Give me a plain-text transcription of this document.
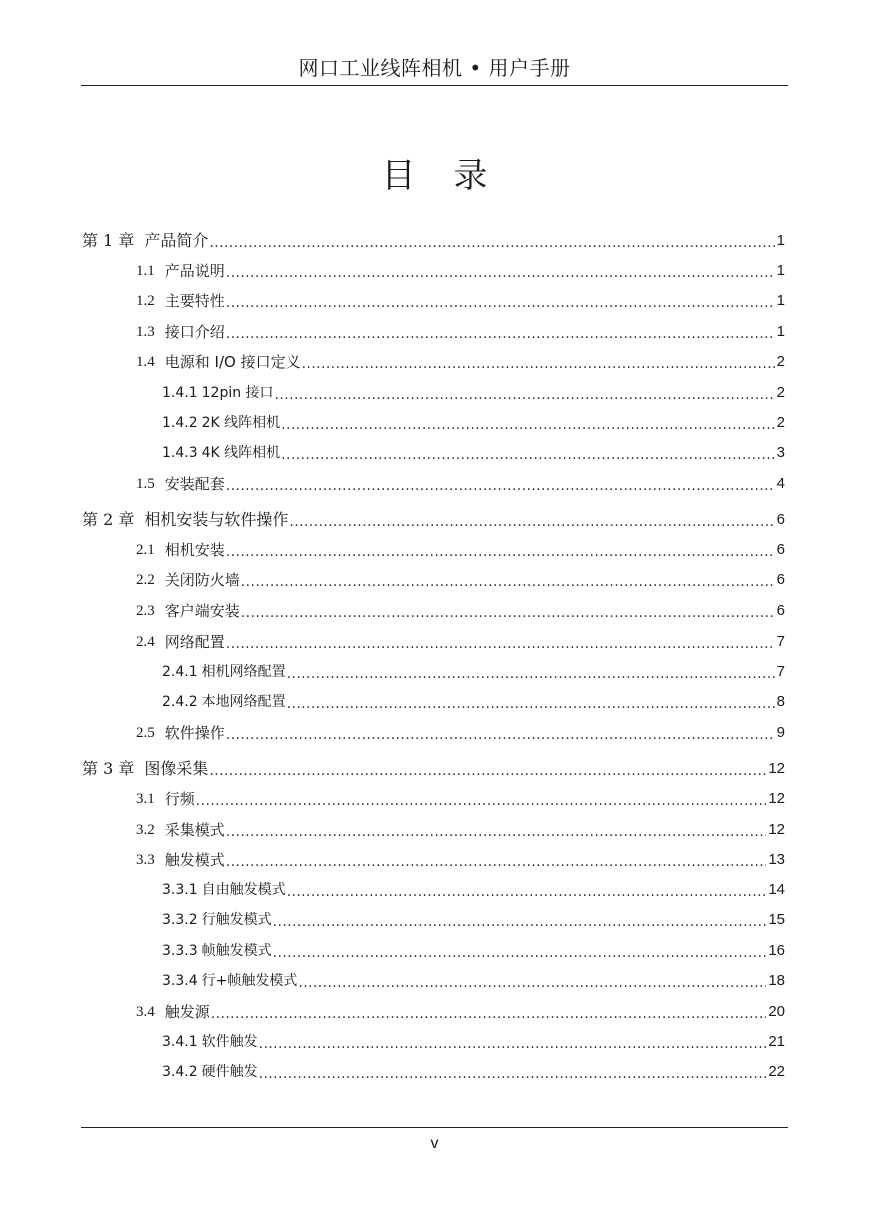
网口工业线阵相机 • 用户手册
目录
第 1 章 产品简介 .....	1
1.1 产品说明 .....	1
1.2 主要特性 .....	1
1.3 接口介绍 .....	1
1.4 电源和 I/O 接口定义 .....	2
1.4.1 12pin 接口 .....	2
1.4.2 2K 线阵相机 .....	2
1.4.3 4K 线阵相机 .....	3
1.5 安装配套 .....	4
第 2 章 相机安装与软件操作 .....	6
2.1 相机安装 .....	6
2.2 关闭防火墙 .....	6
2.3 客户端安装 .....	6
2.4 网络配置 .....	7
2.4.1 相机网络配置 .....	7
2.4.2 本地网络配置 .....	8
2.5 软件操作 .....	9
第 3 章 图像采集 .....	12
3.1 行频 .....	12
3.2 采集模式 .....	12
3.3 触发模式 .....	13
3.3.1 自由触发模式 .....	14
3.3.2 行触发模式 .....	15
3.3.3 帧触发模式 .....	16
3.3.4 行+帧触发模式 .....	18
3.4 触发源 .....	20
3.4.1 软件触发 .....	21
3.4.2 硬件触发 .....	22
v
